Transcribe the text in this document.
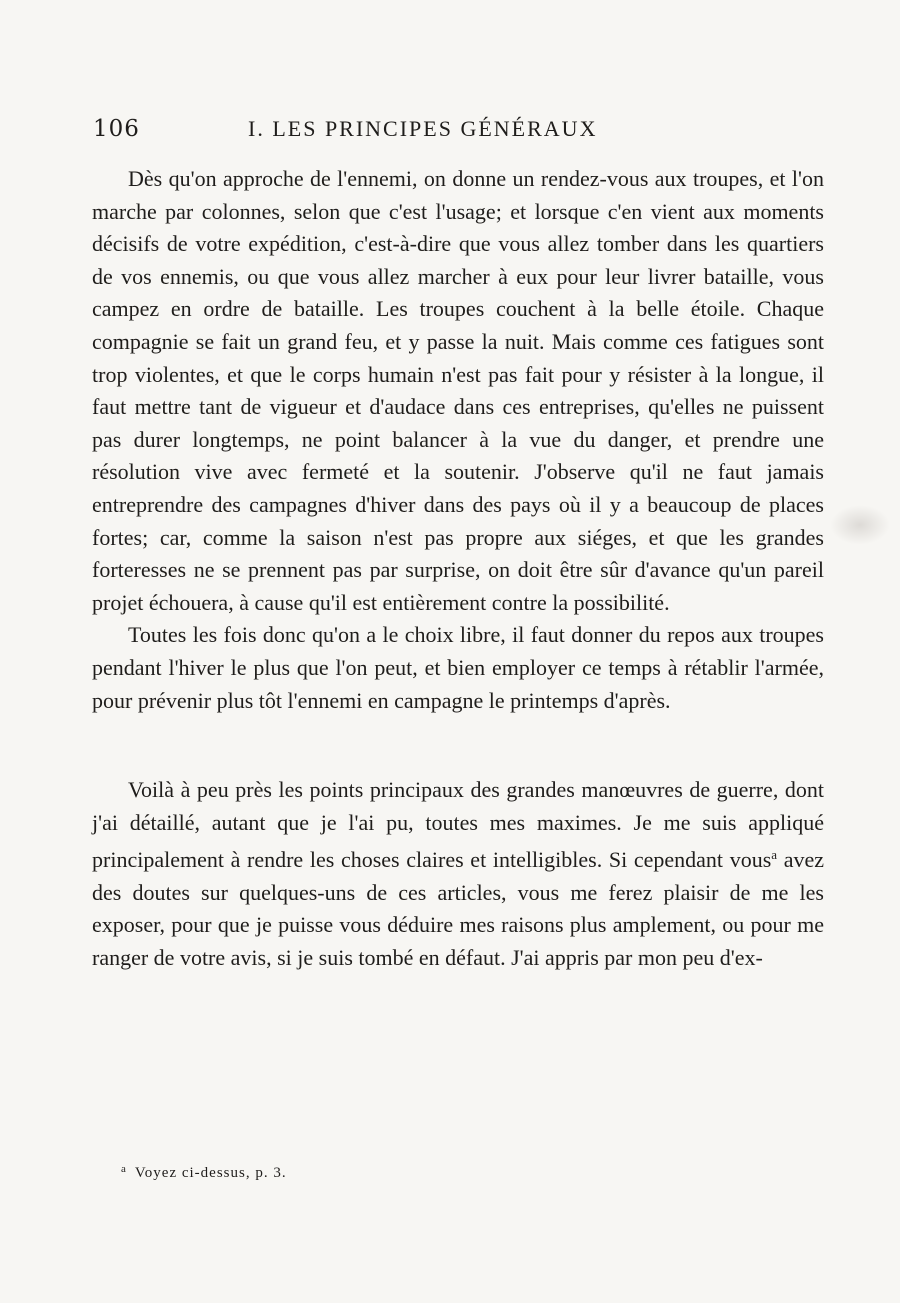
106	I. LES PRINCIPES GÉNÉRAUX

Dès qu'on approche de l'ennemi, on donne un rendez-vous aux troupes, et l'on marche par colonnes, selon que c'est l'usage; et lorsque c'en vient aux moments décisifs de votre expédition, c'est-à-dire que vous allez tomber dans les quartiers de vos ennemis, ou que vous allez marcher à eux pour leur livrer bataille, vous campez en ordre de bataille. Les troupes couchent à la belle étoile. Chaque compagnie se fait un grand feu, et y passe la nuit. Mais comme ces fatigues sont trop violentes, et que le corps humain n'est pas fait pour y résister à la longue, il faut mettre tant de vigueur et d'audace dans ces entreprises, qu'elles ne puissent pas durer longtemps, ne point balancer à la vue du danger, et prendre une résolution vive avec fermeté et la soutenir. J'observe qu'il ne faut jamais entreprendre des campagnes d'hiver dans des pays où il y a beaucoup de places fortes; car, comme la saison n'est pas propre aux siéges, et que les grandes forteresses ne se prennent pas par surprise, on doit être sûr d'avance qu'un pareil projet échouera, à cause qu'il est entièrement contre la possibilité.

Toutes les fois donc qu'on a le choix libre, il faut donner du repos aux troupes pendant l'hiver le plus que l'on peut, et bien employer ce temps à rétablir l'armée, pour prévenir plus tôt l'ennemi en campagne le printemps d'après.

Voilà à peu près les points principaux des grandes manœuvres de guerre, dont j'ai détaillé, autant que je l'ai pu, toutes mes maximes. Je me suis appliqué principalement à rendre les choses claires et intelligibles. Si cependant vous$^a$ avez des doutes sur quelques-uns de ces articles, vous me ferez plaisir de me les exposer, pour que je puisse vous déduire mes raisons plus amplement, ou pour me ranger de votre avis, si je suis tombé en défaut. J'ai appris par mon peu d'ex-

$^a$ Voyez ci-dessus, p. 3.
